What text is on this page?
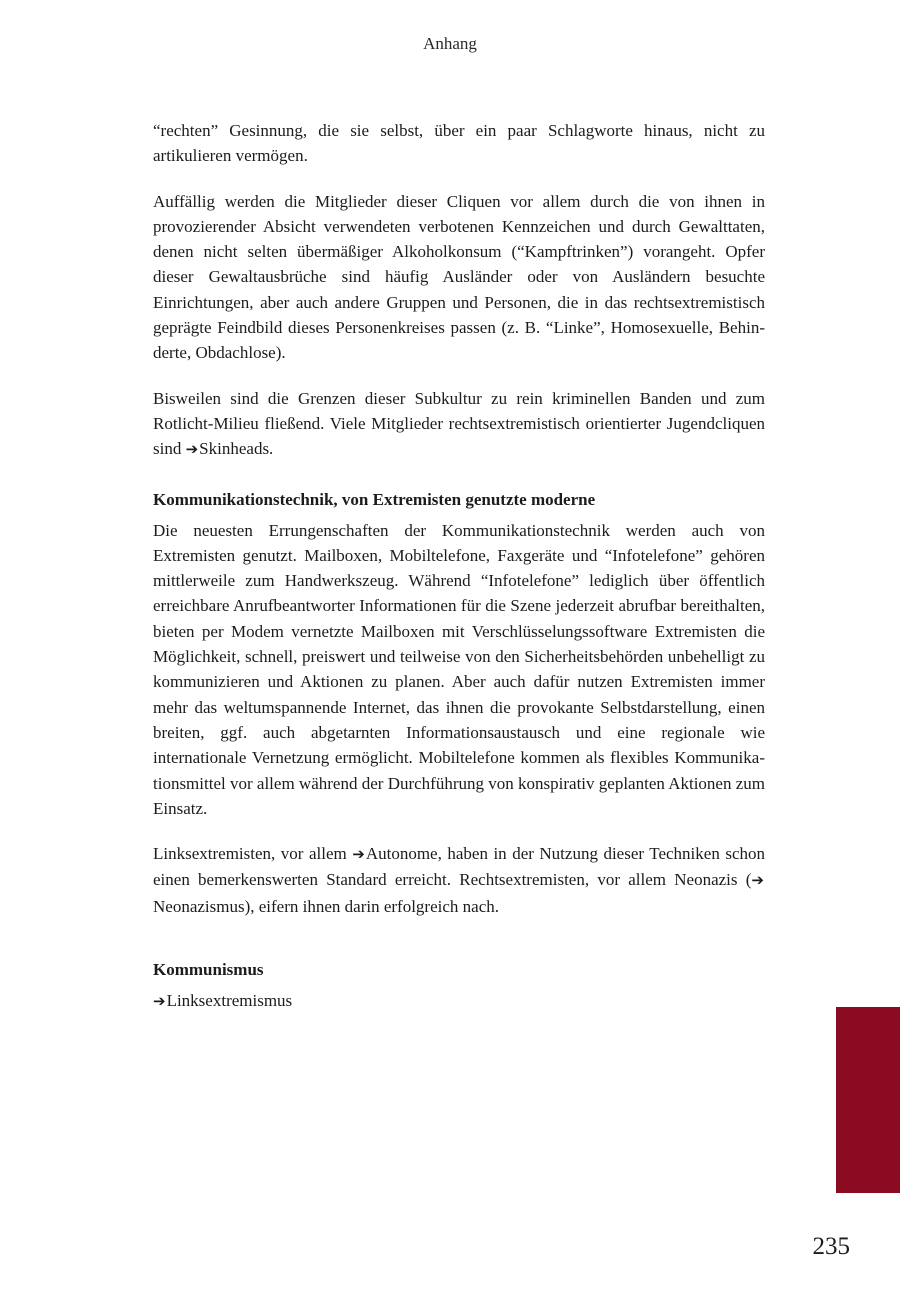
Anhang

“rechten” Gesinnung, die sie selbst, über ein paar Schlagworte hinaus, nicht zu artikulieren vermögen.

Auffällig werden die Mitglieder dieser Cliquen vor allem durch die von ihnen in provozierender Absicht verwendeten verbotenen Kennzeichen und durch Gewalttaten, denen nicht selten übermäßiger Alkoholkonsum (“Kampftrinken”) vorangeht. Opfer dieser Gewaltausbrüche sind häufig Ausländer oder von Ausländern besuchte Einrichtungen, aber auch andere Gruppen und Personen, die in das rechtsextremistisch geprägte Feindbild dieses Personenkreises passen (z. B. “Linke”, Homosexuelle, Behinderte, Obdachlose).

Bisweilen sind die Grenzen dieser Subkultur zu rein kriminellen Banden und zum Rotlicht-Milieu fließend. Viele Mitglieder rechtsextremistisch orientierter Jugendcliquen sind ➔Skinheads.

Kommunikationstechnik, von Extremisten genutzte moderne

Die neuesten Errungenschaften der Kommunikationstechnik werden auch von Extremisten genutzt. Mailboxen, Mobiltelefone, Faxgeräte und “Infotelefone” gehören mittlerweile zum Handwerkszeug. Während “Infotelefone” lediglich über öffentlich erreichbare Anrufbeantworter Informationen für die Szene jederzeit abrufbar bereithalten, bieten per Modem vernetzte Mailboxen mit Verschlüsselungssoftware Extremisten die Möglichkeit, schnell, preiswert und teilweise von den Sicherheitsbehörden unbehelligt zu kommunizieren und Aktionen zu planen. Aber auch dafür nutzen Extremisten immer mehr das weltumspannende Internet, das ihnen die provokante Selbstdarstellung, einen breiten, ggf. auch abgetarnten Informationsaustausch und eine regionale wie internationale Vernetzung ermöglicht. Mobiltelefone kommen als flexibles Kommunikationsmittel vor allem während der Durchführung von konspirativ geplanten Aktionen zum Einsatz.

Linksextremisten, vor allem ➔Autonome, haben in der Nutzung dieser Techniken schon einen bemerkenswerten Standard erreicht. Rechtsextremisten, vor allem Neonazis (➔Neonazismus), eifern ihnen darin erfolgreich nach.

Kommunismus
➔Linksextremismus
235
